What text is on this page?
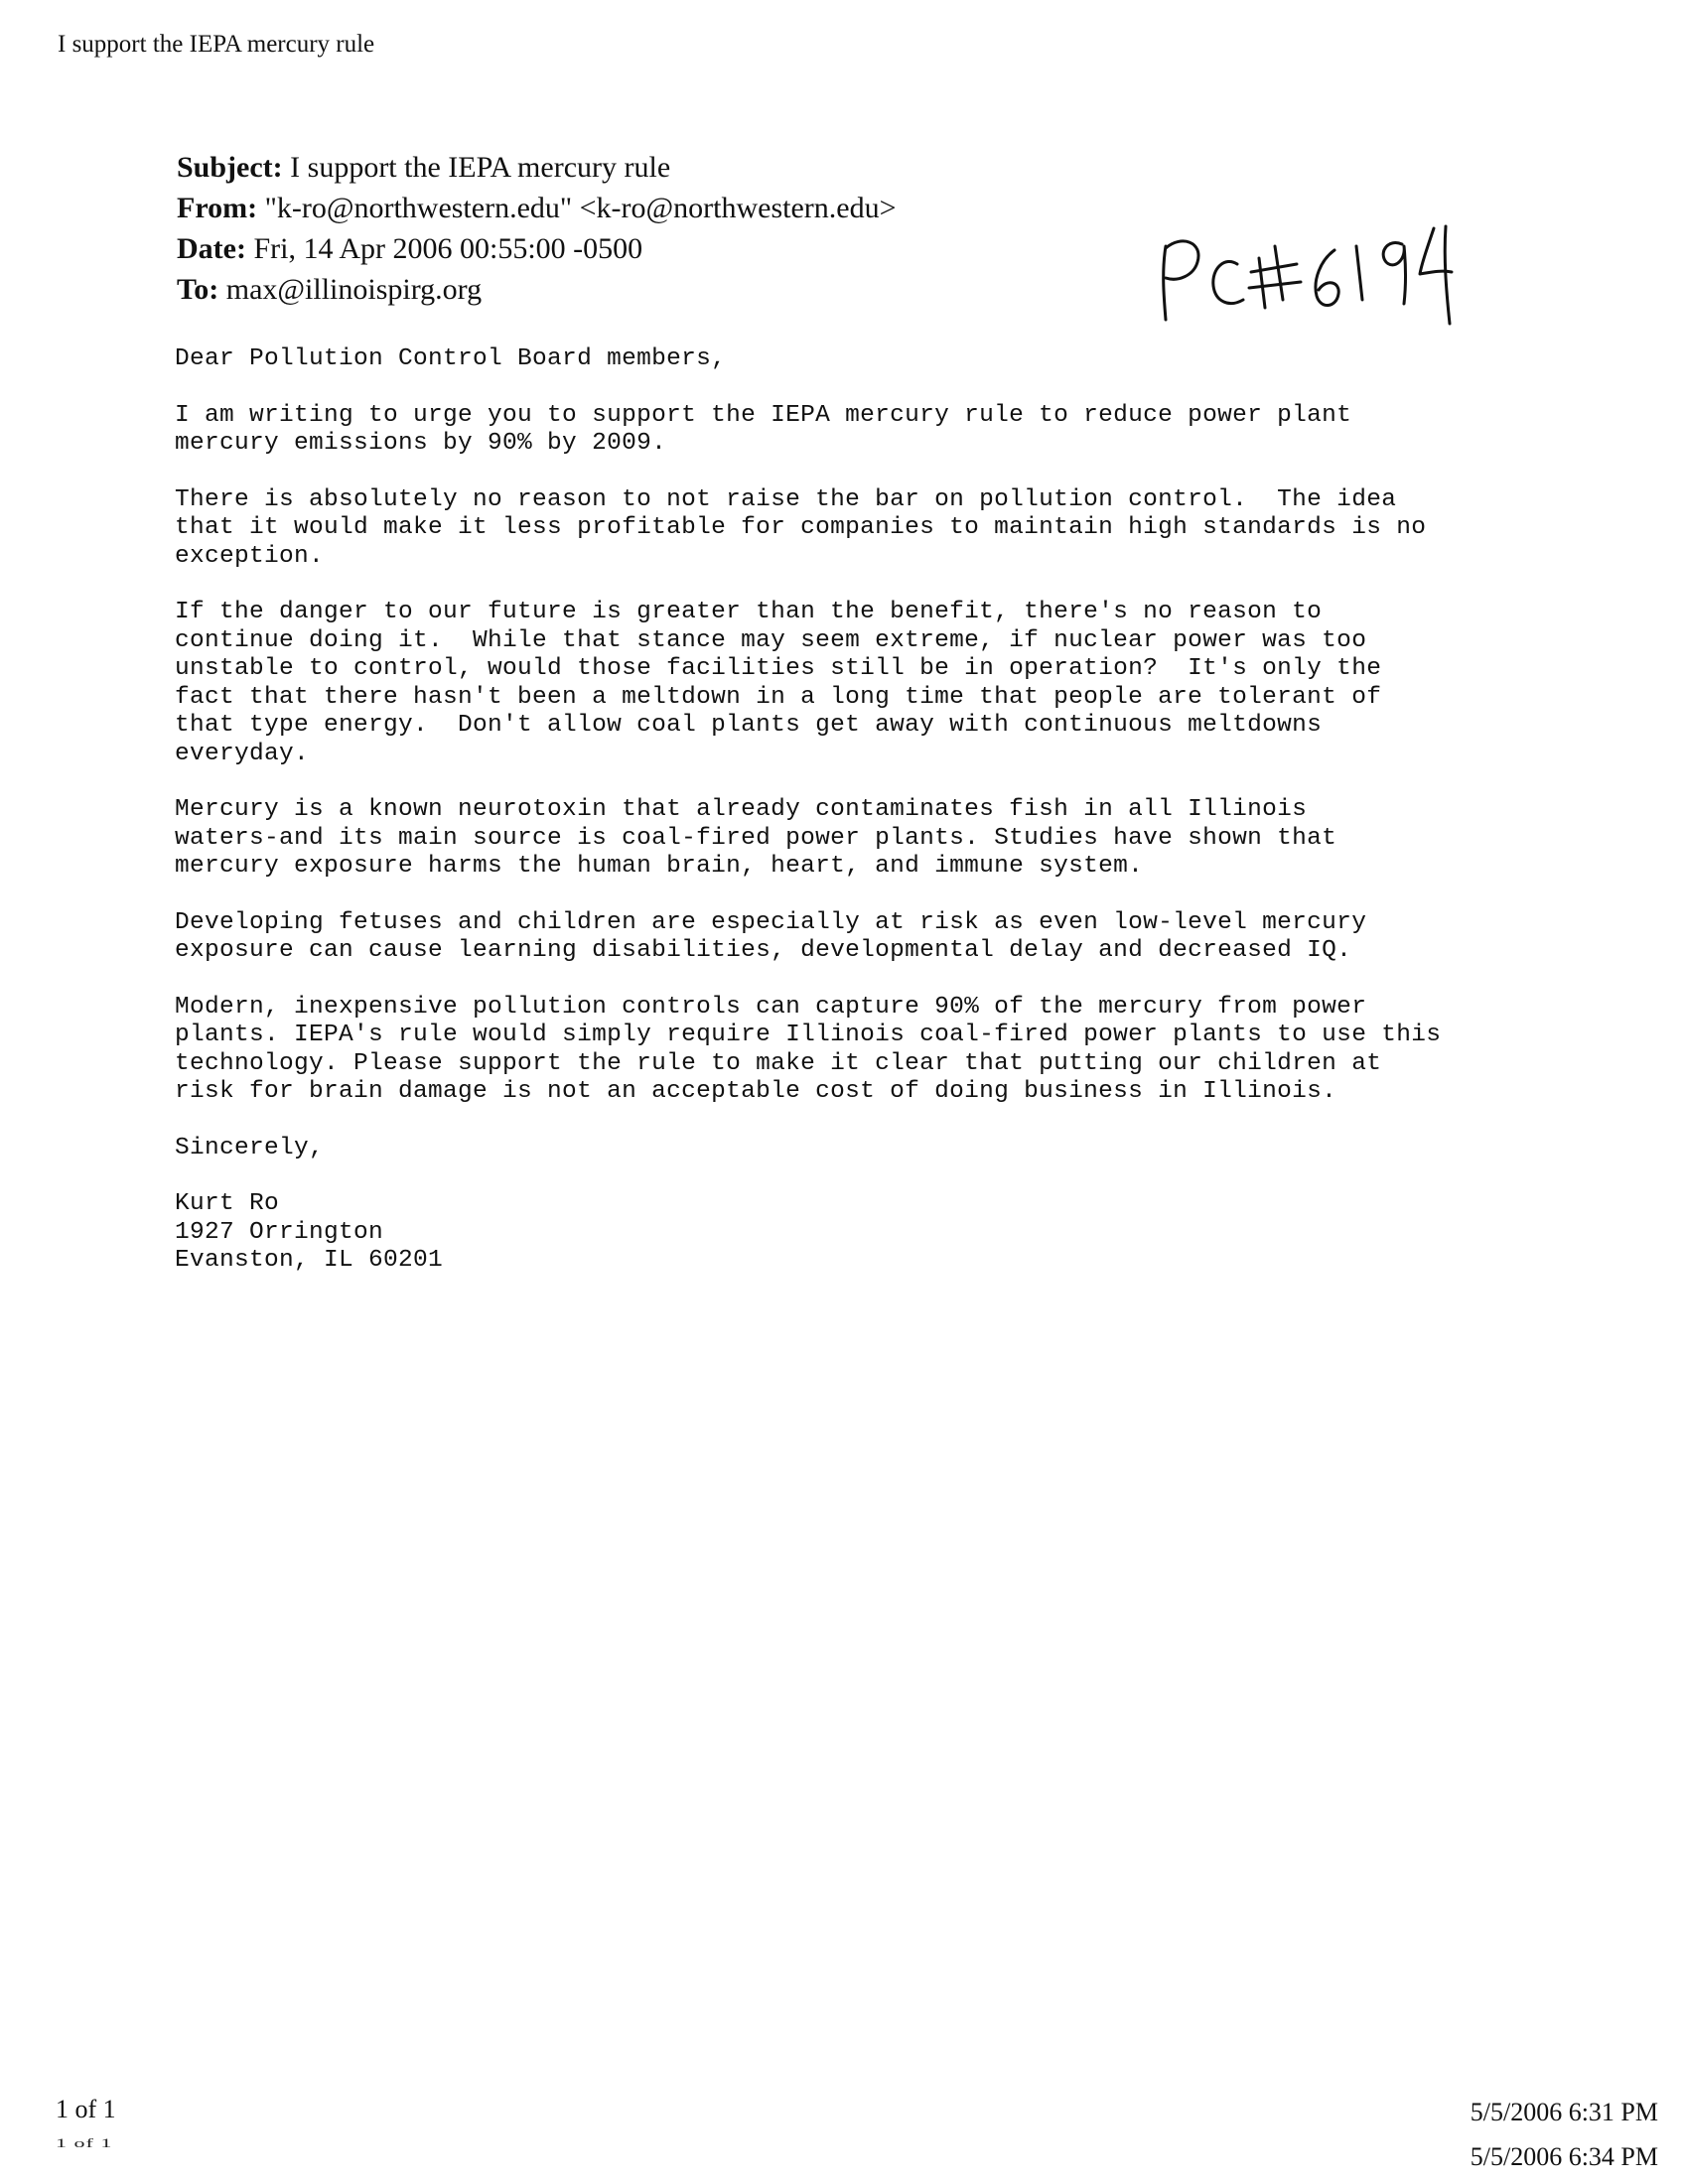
I support the IEPA mercury rule
Subject: I support the IEPA mercury rule
From: "k-ro@northwestern.edu" <k-ro@northwestern.edu>
Date: Fri, 14 Apr 2006 00:55:00 -0500
To: max@illinoispirg.org

Dear Pollution Control Board members,

I am writing to urge you to support the IEPA mercury rule to reduce power plant
mercury emissions by 90% by 2009.

There is absolutely no reason to not raise the bar on pollution control.  The idea
that it would make it less profitable for companies to maintain high standards is no
exception.

If the danger to our future is greater than the benefit, there's no reason to
continue doing it.  While that stance may seem extreme, if nuclear power was too
unstable to control, would those facilities still be in operation?  It's only the
fact that there hasn't been a meltdown in a long time that people are tolerant of
that type energy.  Don't allow coal plants get away with continuous meltdowns
everyday.

Mercury is a known neurotoxin that already contaminates fish in all Illinois
waters-and its main source is coal-fired power plants. Studies have shown that
mercury exposure harms the human brain, heart, and immune system.

Developing fetuses and children are especially at risk as even low-level mercury
exposure can cause learning disabilities, developmental delay and decreased IQ.

Modern, inexpensive pollution controls can capture 90% of the mercury from power
plants. IEPA's rule would simply require Illinois coal-fired power plants to use this
technology. Please support the rule to make it clear that putting our children at
risk for brain damage is not an acceptable cost of doing business in Illinois.

Sincerely,
Kurt Ro
1927 Orrington
Evanston, IL 60201
1 of 1
1 of 1
5/5/2006 6:31 PM
5/5/2006 6:34 PM
